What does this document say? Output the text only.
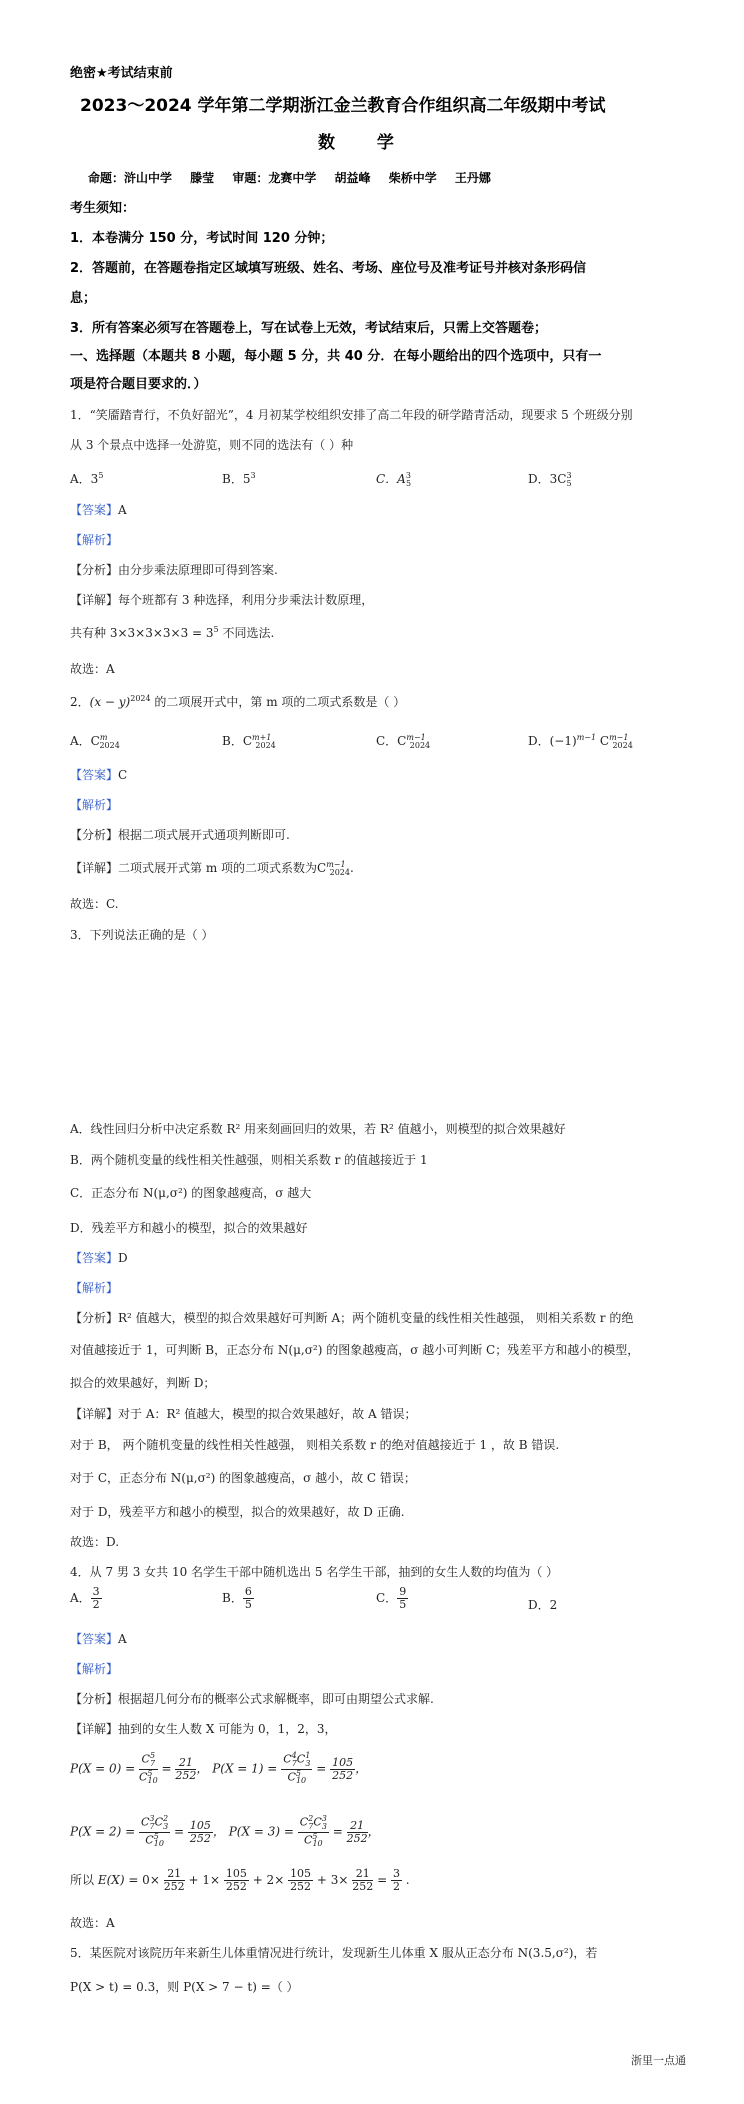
绝密★考试结束前
2023～2024 学年第二学期浙江金兰教育合作组织高二年级期中考试
数 学
命题：浒山中学 滕莹 审题：龙赛中学 胡益峰 柴桥中学 王丹娜
考生须知：
1．本卷满分 150 分，考试时间 120 分钟；
2．答题前，在答题卷指定区域填写班级、姓名、考场、座位号及准考证号并核对条形码信
息；
3．所有答案必须写在答题卷上，写在试卷上无效，考试结束后，只需上交答题卷；
一、选择题（本题共 8 小题，每小题 5 分，共 40 分．在每小题给出的四个选项中，只有一
项是符合题目要求的．）
1．“笑靥踏青行，不负好韶光”，4 月初某学校组织安排了高二年段的研学踏青活动，现要求 5 个班级分别
从 3 个景点中选择一处游览，则不同的选法有（ ）种
A．$3^5$	B．$5^3$	C．$A^3_5$	D．$3C^3_5$
【答案】A
【解析】
【分析】由分步乘法原理即可得到答案.
【详解】每个班都有 3 种选择，利用分步乘法计数原理，
共有种 $3\times 3\times 3\times 3\times 3 = 3^5$ 不同选法.
故选：A
2．$(x - y)^{2024}$ 的二项展开式中，第 m 项的二项式系数是（ ）
A．$C^m_{2024}$	B．$C^{m+1}_{2024}$	C．$C^{m-1}_{2024}$	D．$(-1)^{m-1}$ $C^{m-1}_{2024}$
【答案】C
【解析】
【分析】根据二项式展开式通项判断即可.
【详解】二项式展开式第 m 项的二项式系数为$C^{m-1}_{2024}$.
故选：C.
3．下列说法正确的是（ ）
A．线性回归分析中决定系数 R² 用来刻画回归的效果，若 R² 值越小，则模型的拟合效果越好
B．两个随机变量的线性相关性越强，则相关系数 r 的值越接近于 1
C．正态分布 N(μ,σ²) 的图象越瘦高，σ 越大
D．残差平方和越小的模型，拟合的效果越好
【答案】D
【解析】
【分析】R² 值越大，模型的拟合效果越好可判断 A；两个随机变量的线性相关性越强， 则相关系数 r 的绝
对值越接近于 1，可判断 B，正态分布 N(μ,σ²) 的图象越瘦高，σ 越小可判断 C；残差平方和越小的模型，
拟合的效果越好，判断 D；
【详解】对于 A：R² 值越大，模型的拟合效果越好，故 A 错误；
对于 B， 两个随机变量的线性相关性越强， 则相关系数 r 的绝对值越接近于 1 ，故 B 错误.
对于 C，正态分布 N(μ,σ²) 的图象越瘦高，σ 越小，故 C 错误；
对于 D，残差平方和越小的模型，拟合的效果越好，故 D 正确.
故选：D.
4．从 7 男 3 女共 10 名学生干部中随机选出 5 名学生干部，抽到的女生人数的均值为（ ）
A． $\frac{3}{2}$	B． $\frac{6}{5}$	C． $\frac{9}{5}$	D．2
【答案】A
【解析】
【分析】根据超几何分布的概率公式求解概率，即可由期望公式求解.
【详解】抽到的女生人数 X 可能为 0，1，2，3，
$P(X = 0) = \frac{C^5_7}{C^5_{10}} = \frac{21}{252}$ ， $P(X = 1) = \frac{C^4_7C^1_3}{C^5_{10}} = \frac{105}{252}$ ，
$P(X = 2) = \frac{C^3_7C^2_3}{C^5_{10}} = \frac{105}{252}$ ， $P(X = 3) = \frac{C^2_7C^3_3}{C^5_{10}} = \frac{21}{252}$ ，
所以 $E(X) = 0\times \frac{21}{252} + 1\times \frac{105}{252} + 2\times \frac{105}{252} + 3\times \frac{21}{252} = \frac{3}{2}$ .
故选：A
5．某医院对该院历年来新生儿体重情况进行统计，发现新生儿体重 X 服从正态分布 N(3.5,σ²)，若
P(X > t) = 0.3，则 P(X > 7 − t) =（ ）
浙里一点通
